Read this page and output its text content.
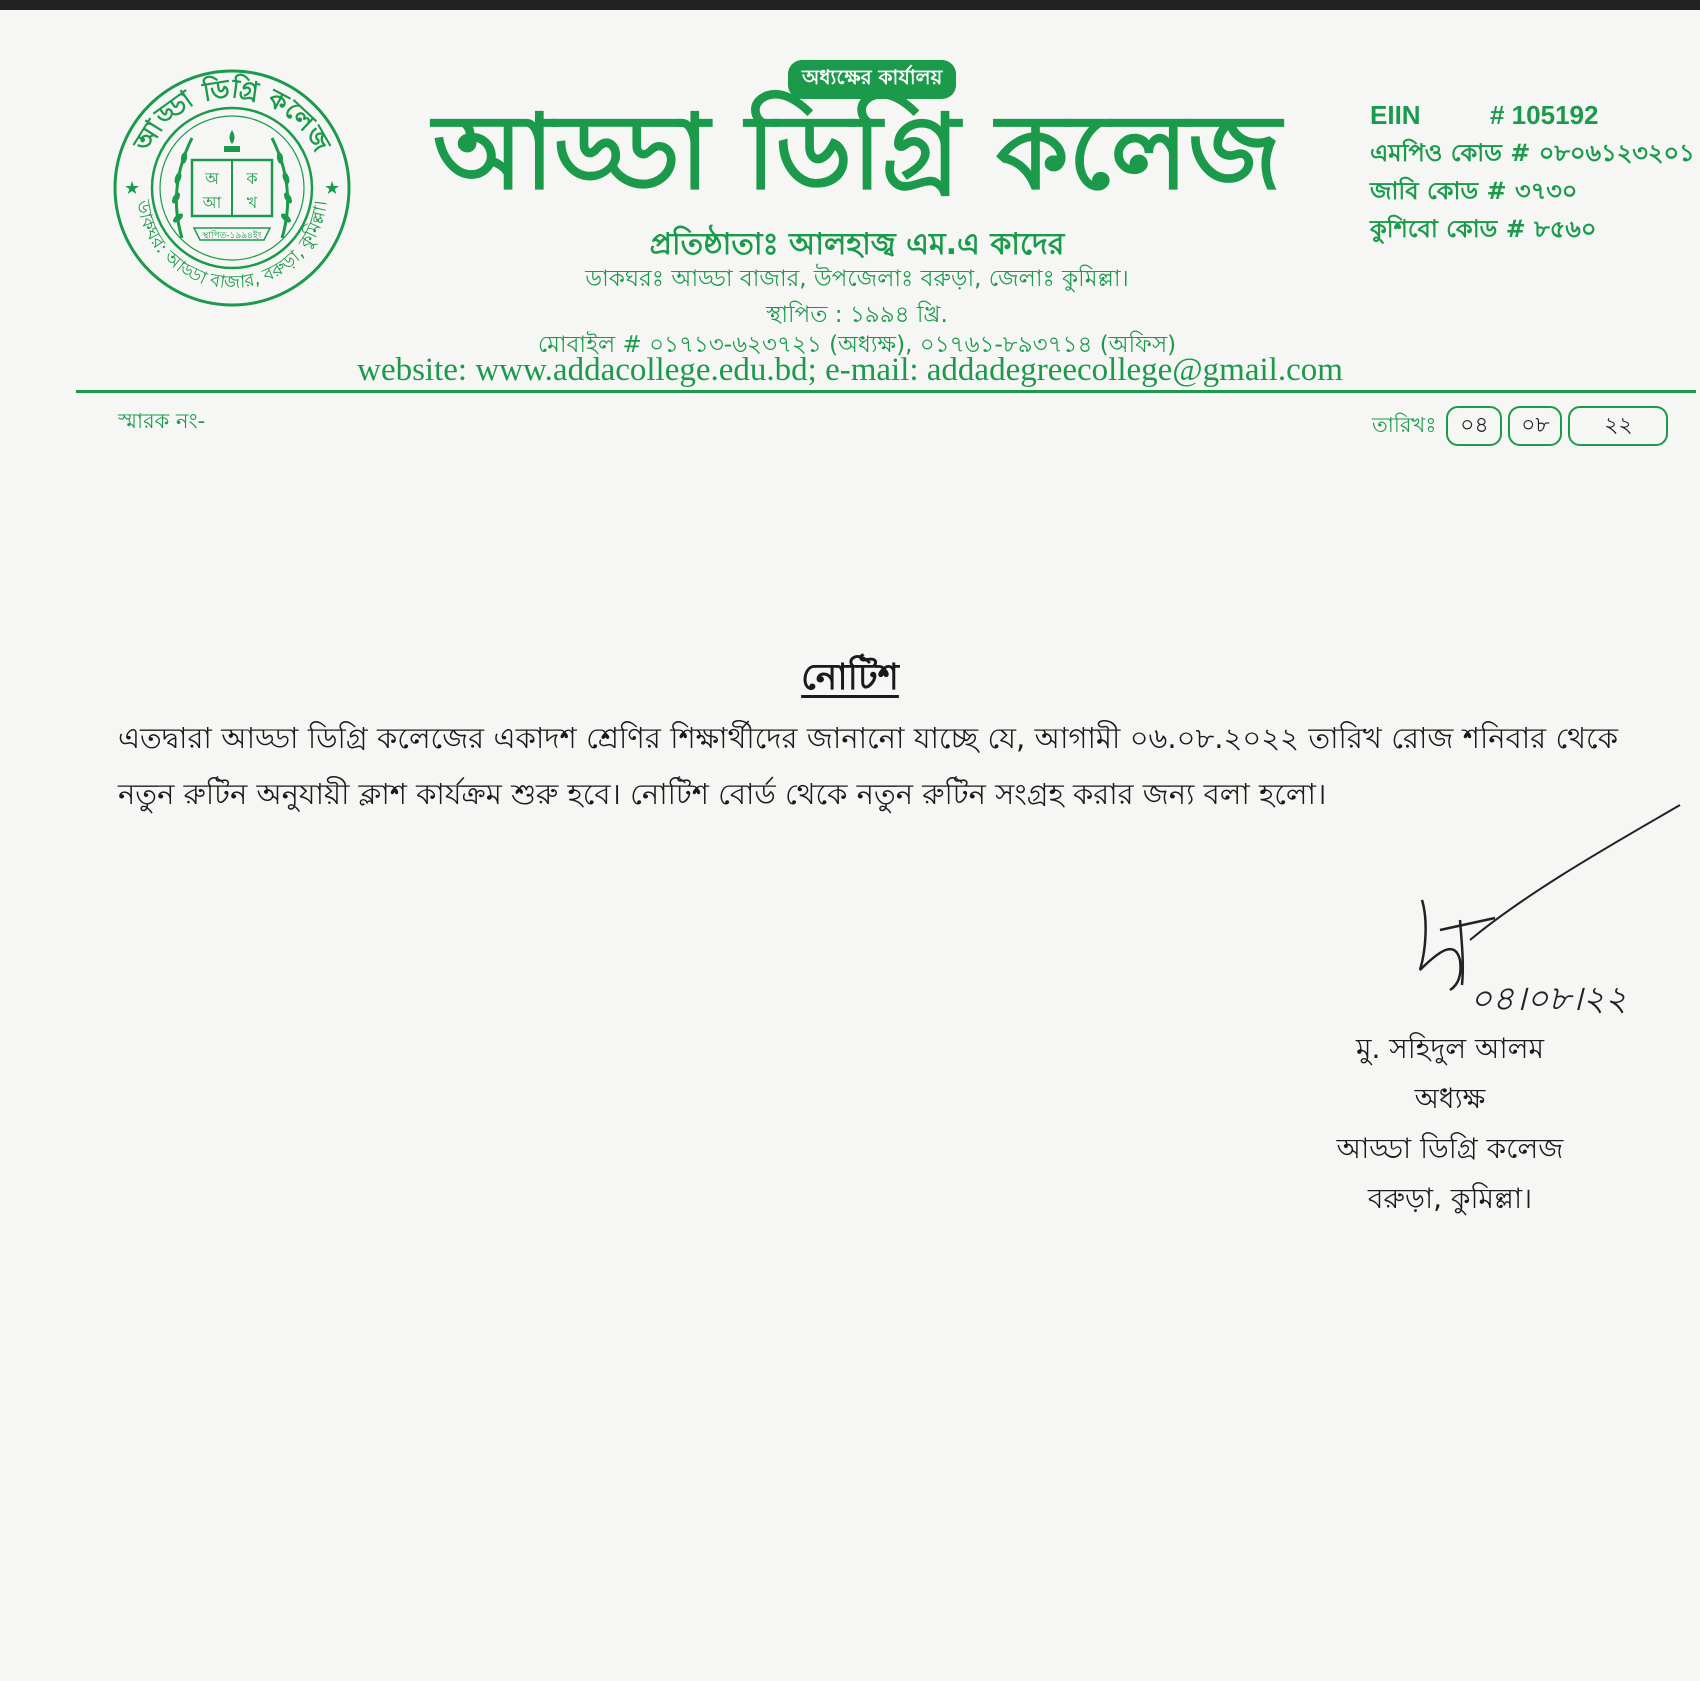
আড্ডা ডিগ্রি কলেজ
ডাকঘর: আড্ডা বাজার, বরুড়া, কুমিল্লা।
★	★
অ ক
আ খ
স্থাপিত-১৯৯৪ইং
অধ্যক্ষের কার্যালয়
আড্ডা ডিগ্রি কলেজ
প্রতিষ্ঠাতাঃ আলহাজ্ব এম.এ কাদের
ডাকঘরঃ আড্ডা বাজার, উপজেলাঃ বরুড়া, জেলাঃ কুমিল্লা।
স্থাপিত : ১৯৯৪ খ্রি.
মোবাইল # ০১৭১৩-৬২৩৭২১ (অধ্যক্ষ), ০১৭৬১-৮৯৩৭১৪ (অফিস)
website: www.addacollege.edu.bd; e-mail: addadegreecollege@gmail.com
EIIN	# 105192
এমপিও কোড # ০৮০৬১২৩২০১
জাবি কোড # ৩৭৩০
কুশিবো কোড # ৮৫৬০
স্মারক নং-	তারিখঃ	০৪	০৮	২২
নোটিশ
এতদ্বারা আড্ডা ডিগ্রি কলেজের একাদশ শ্রেণির শিক্ষার্থীদের জানানো যাচ্ছে যে, আগামী ০৬.০৮.২০২২ তারিখ রোজ শনিবার থেকে নতুন রুটিন অনুযায়ী ক্লাশ কার্যক্রম শুরু হবে। নোটিশ বোর্ড থেকে নতুন রুটিন সংগ্রহ করার জন্য বলা হলো।
০৪।০৮।২২
মু. সহিদুল আলম
অধ্যক্ষ
আড্ডা ডিগ্রি কলেজ
বরুড়া, কুমিল্লা।
